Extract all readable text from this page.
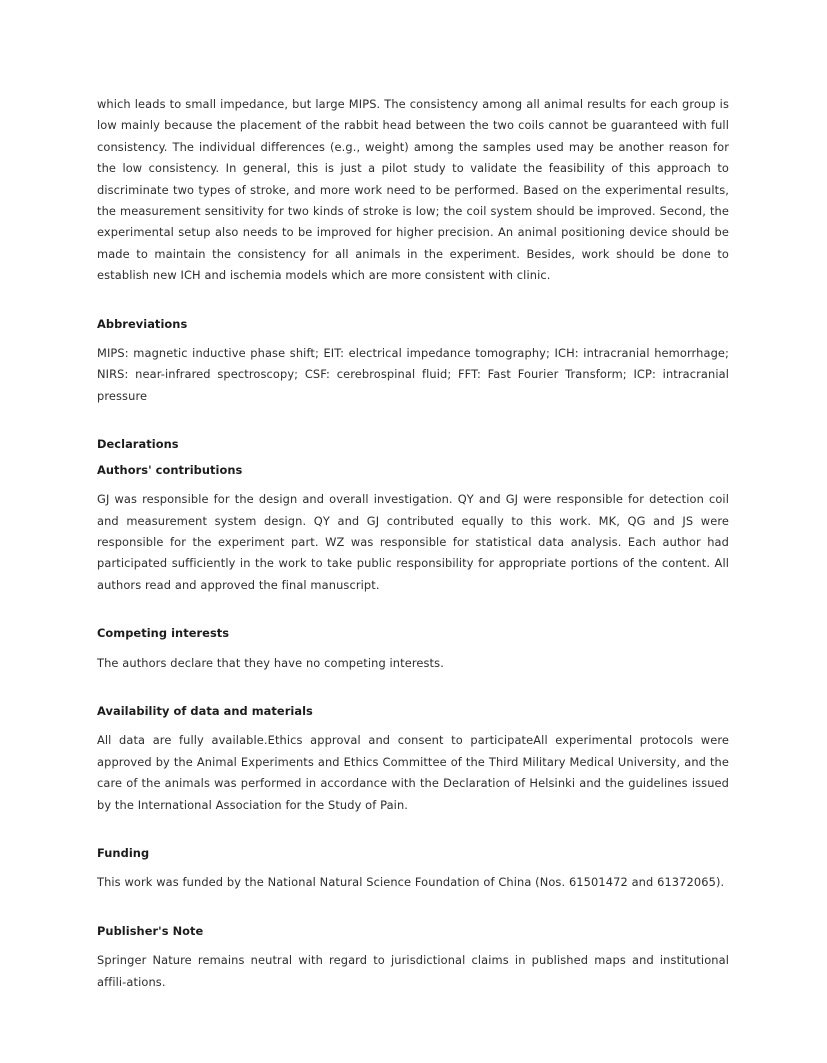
which leads to small impedance, but large MIPS. The consistency among all animal results for each group is low mainly because the placement of the rabbit head between the two coils cannot be guaranteed with full consistency. The individual differences (e.g., weight) among the samples used may be another reason for the low consistency. In general, this is just a pilot study to validate the feasibility of this approach to discriminate two types of stroke, and more work need to be performed. Based on the experimental results, the measurement sensitivity for two kinds of stroke is low; the coil system should be improved. Second, the experimental setup also needs to be improved for higher precision. An animal positioning device should be made to maintain the consistency for all animals in the experiment. Besides, work should be done to establish new ICH and ischemia models which are more consistent with clinic.

Abbreviations

MIPS: magnetic inductive phase shift; EIT: electrical impedance tomography; ICH: intracranial hemorrhage; NIRS: near-infrared spectroscopy; CSF: cerebrospinal fluid; FFT: Fast Fourier Transform; ICP: intracranial pressure

Declarations
Authors' contributions

GJ was responsible for the design and overall investigation. QY and GJ were responsible for detection coil and measurement system design. QY and GJ contributed equally to this work. MK, QG and JS were responsible for the experiment part. WZ was responsible for statistical data analysis. Each author had participated sufficiently in the work to take public responsibility for appropriate portions of the content. All authors read and approved the final manuscript.

Competing interests

The authors declare that they have no competing interests.

Availability of data and materials

All data are fully available.Ethics approval and consent to participateAll experimental protocols were approved by the Animal Experiments and Ethics Committee of the Third Military Medical University, and the care of the animals was performed in accordance with the Declaration of Helsinki and the guidelines issued by the International Association for the Study of Pain.

Funding

This work was funded by the National Natural Science Foundation of China (Nos. 61501472 and 61372065).

Publisher's Note

Springer Nature remains neutral with regard to jurisdictional claims in published maps and institutional affili-ations.
